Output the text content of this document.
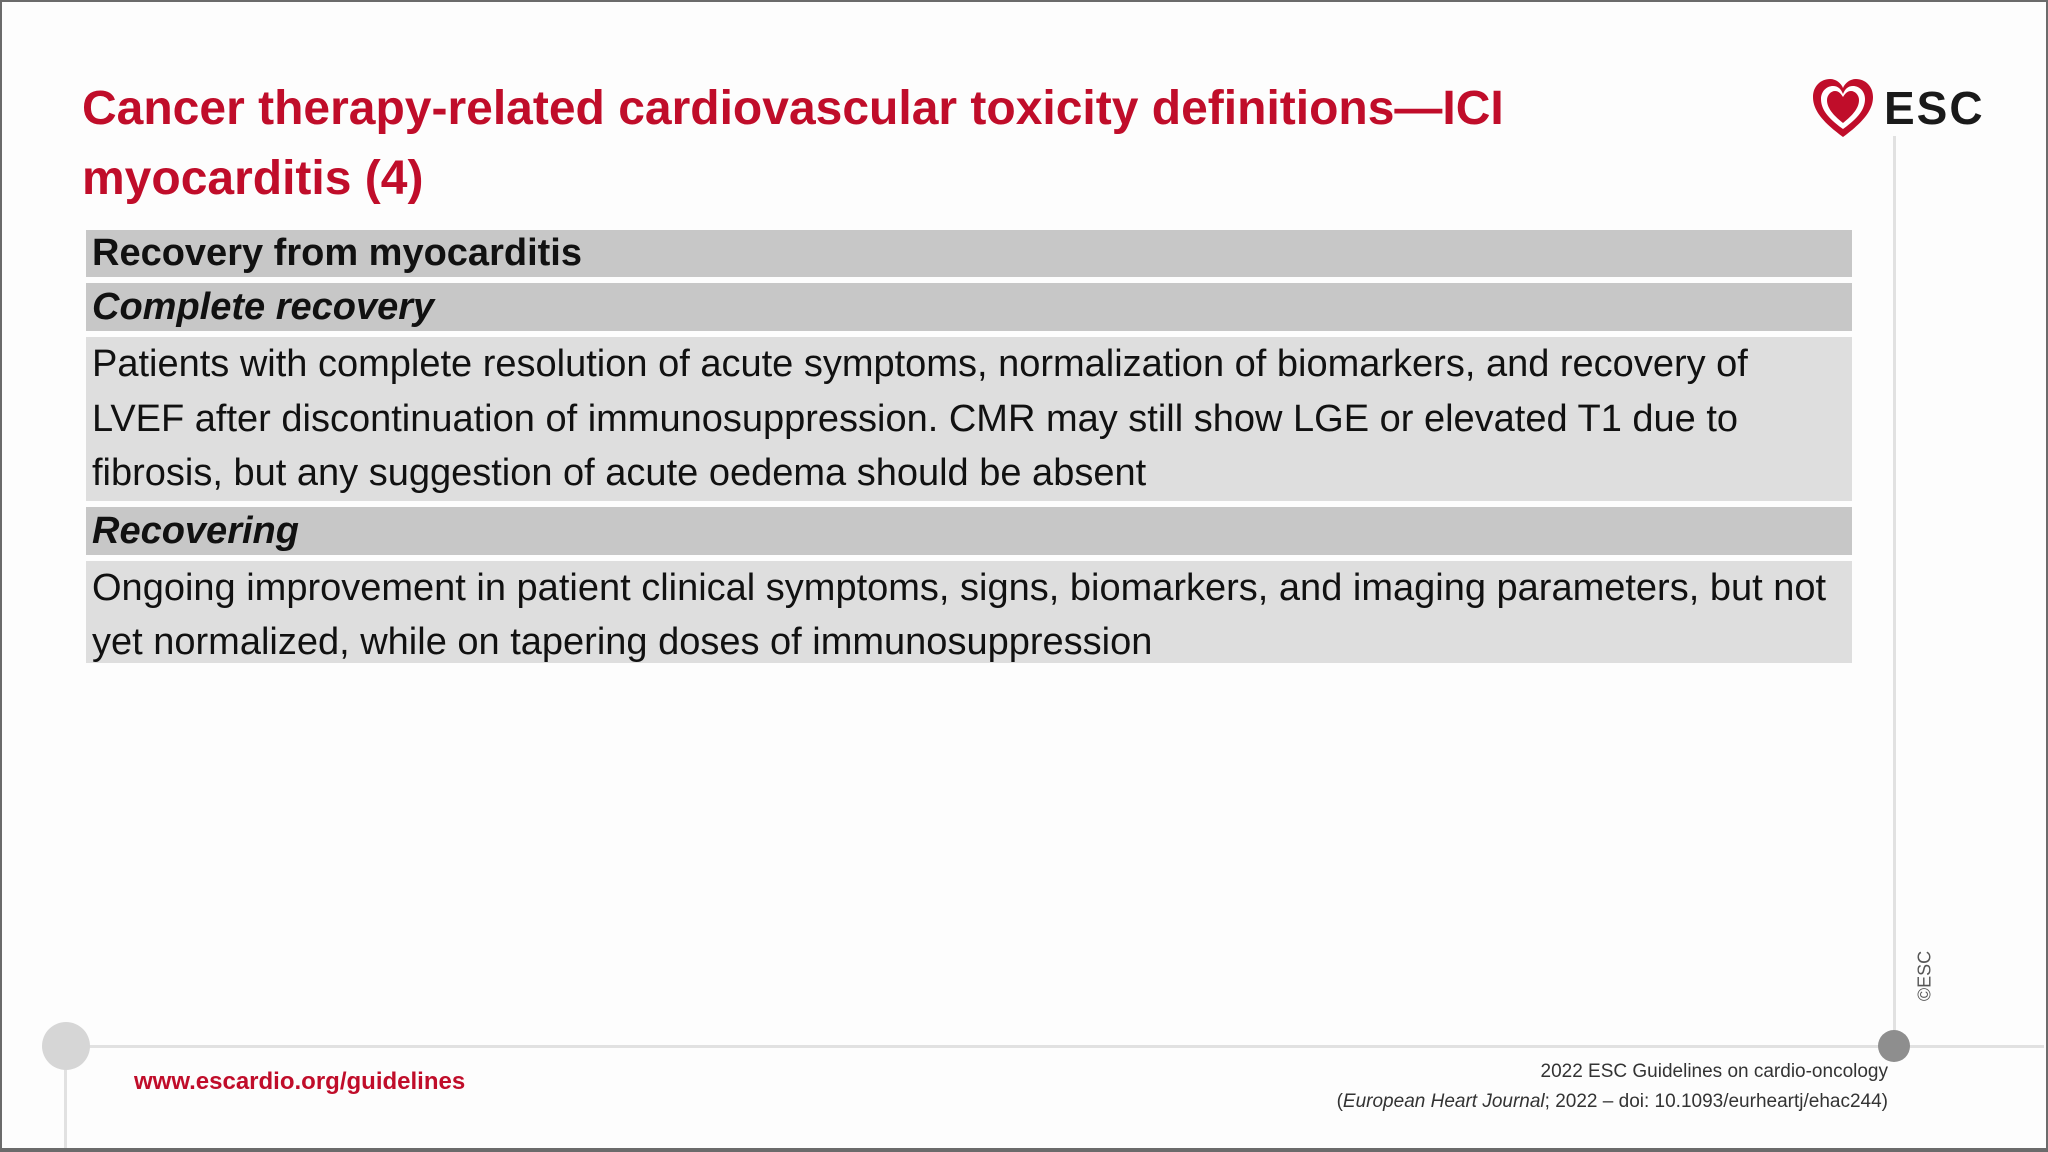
Cancer therapy-related cardiovascular toxicity definitions—ICI myocarditis (4)
ESC
©ESC
Recovery from myocarditis
Complete recovery
Patients with complete resolution of acute symptoms, normalization of biomarkers, and recovery of LVEF after discontinuation of immunosuppression. CMR may still show LGE or elevated T1 due to fibrosis, but any suggestion of acute oedema should be absent
Recovering
Ongoing improvement in patient clinical symptoms, signs, biomarkers, and imaging parameters, but not yet normalized, while on tapering doses of immunosuppression
www.escardio.org/guidelines	2022 ESC Guidelines on cardio-oncology
(European Heart Journal; 2022 – doi: 10.1093/eurheartj/ehac244)
